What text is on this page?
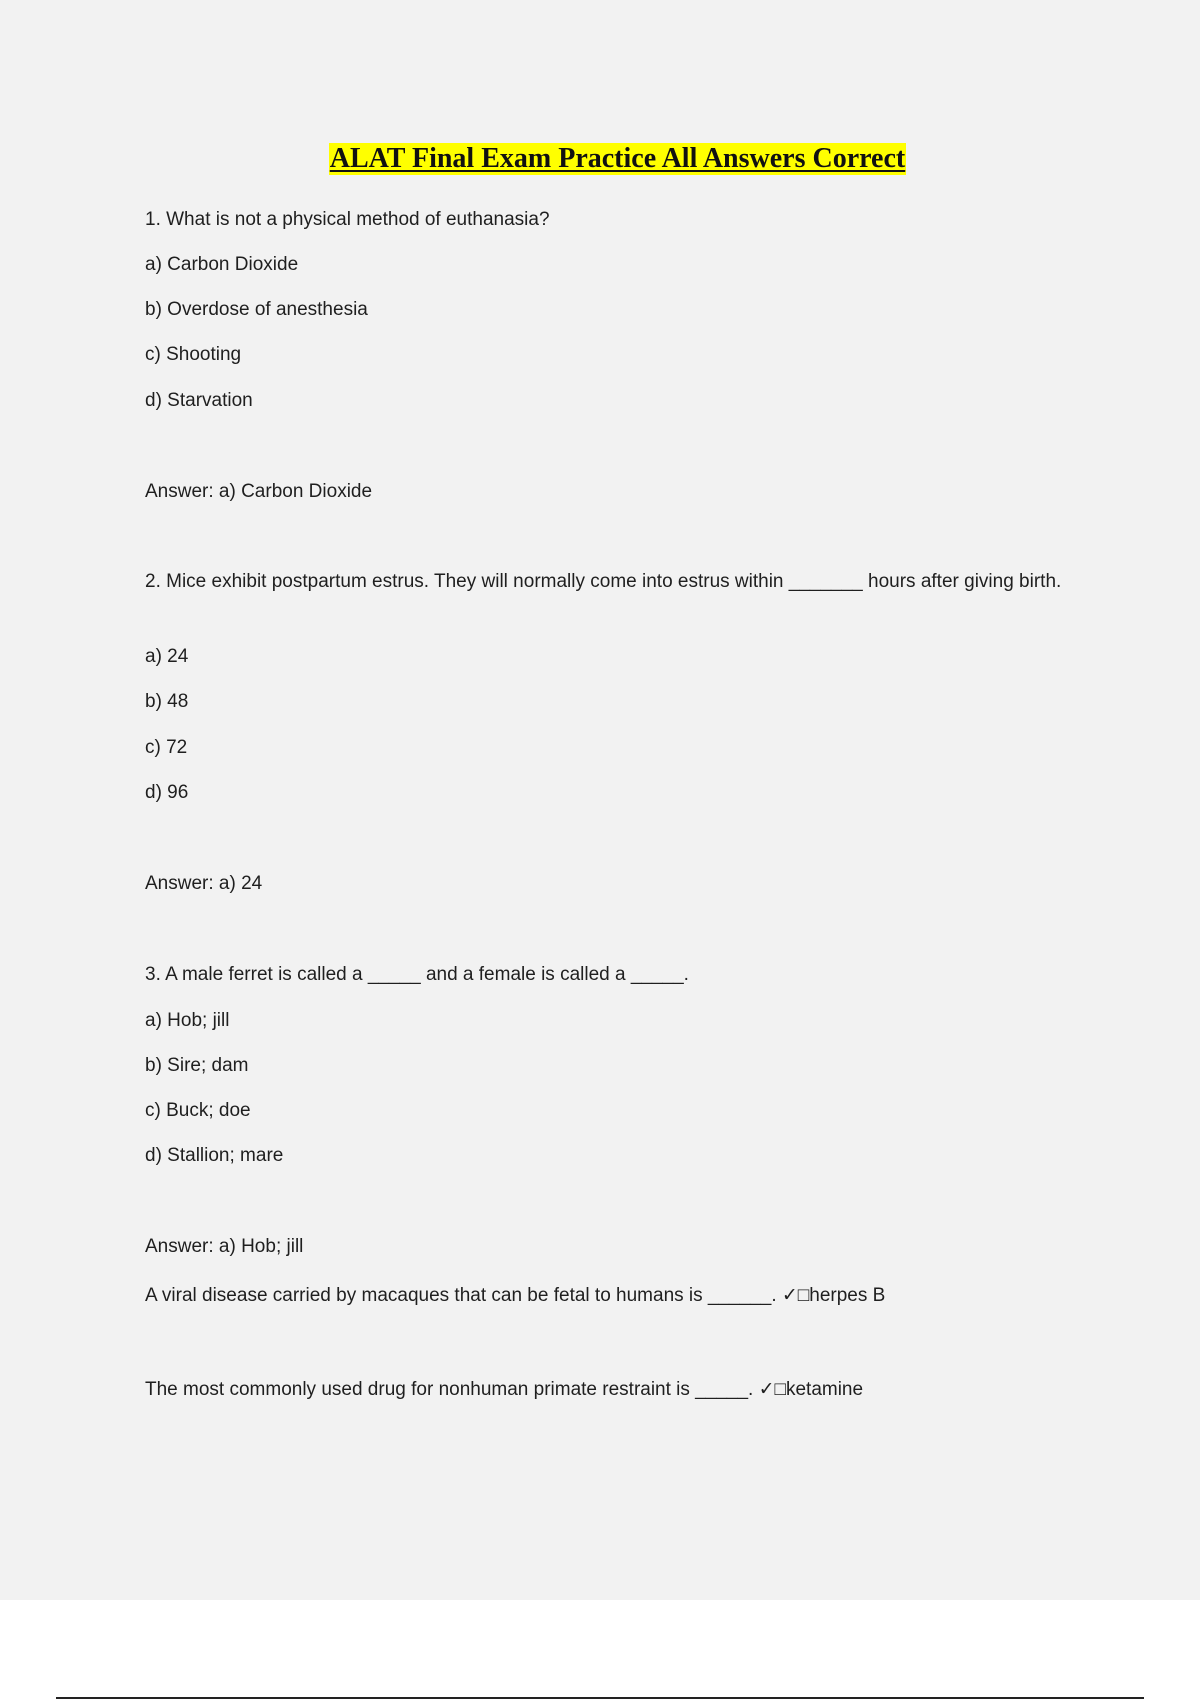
ALAT Final Exam Practice All Answers Correct
1. What is not a physical method of euthanasia?
a) Carbon Dioxide
b) Overdose of anesthesia
c) Shooting
d) Starvation
Answer: a) Carbon Dioxide
2. Mice exhibit postpartum estrus. They will normally come into estrus within _______ hours after giving birth.
a) 24
b) 48
c) 72
d) 96
Answer: a) 24
3. A male ferret is called a _____ and a female is called a _____.
a) Hob; jill
b) Sire; dam
c) Buck; doe
d) Stallion; mare
Answer: a) Hob; jill
A viral disease carried by macaques that can be fetal to humans is ______. ✓□herpes B
The most commonly used drug for nonhuman primate restraint is _____. ✓□ketamine
